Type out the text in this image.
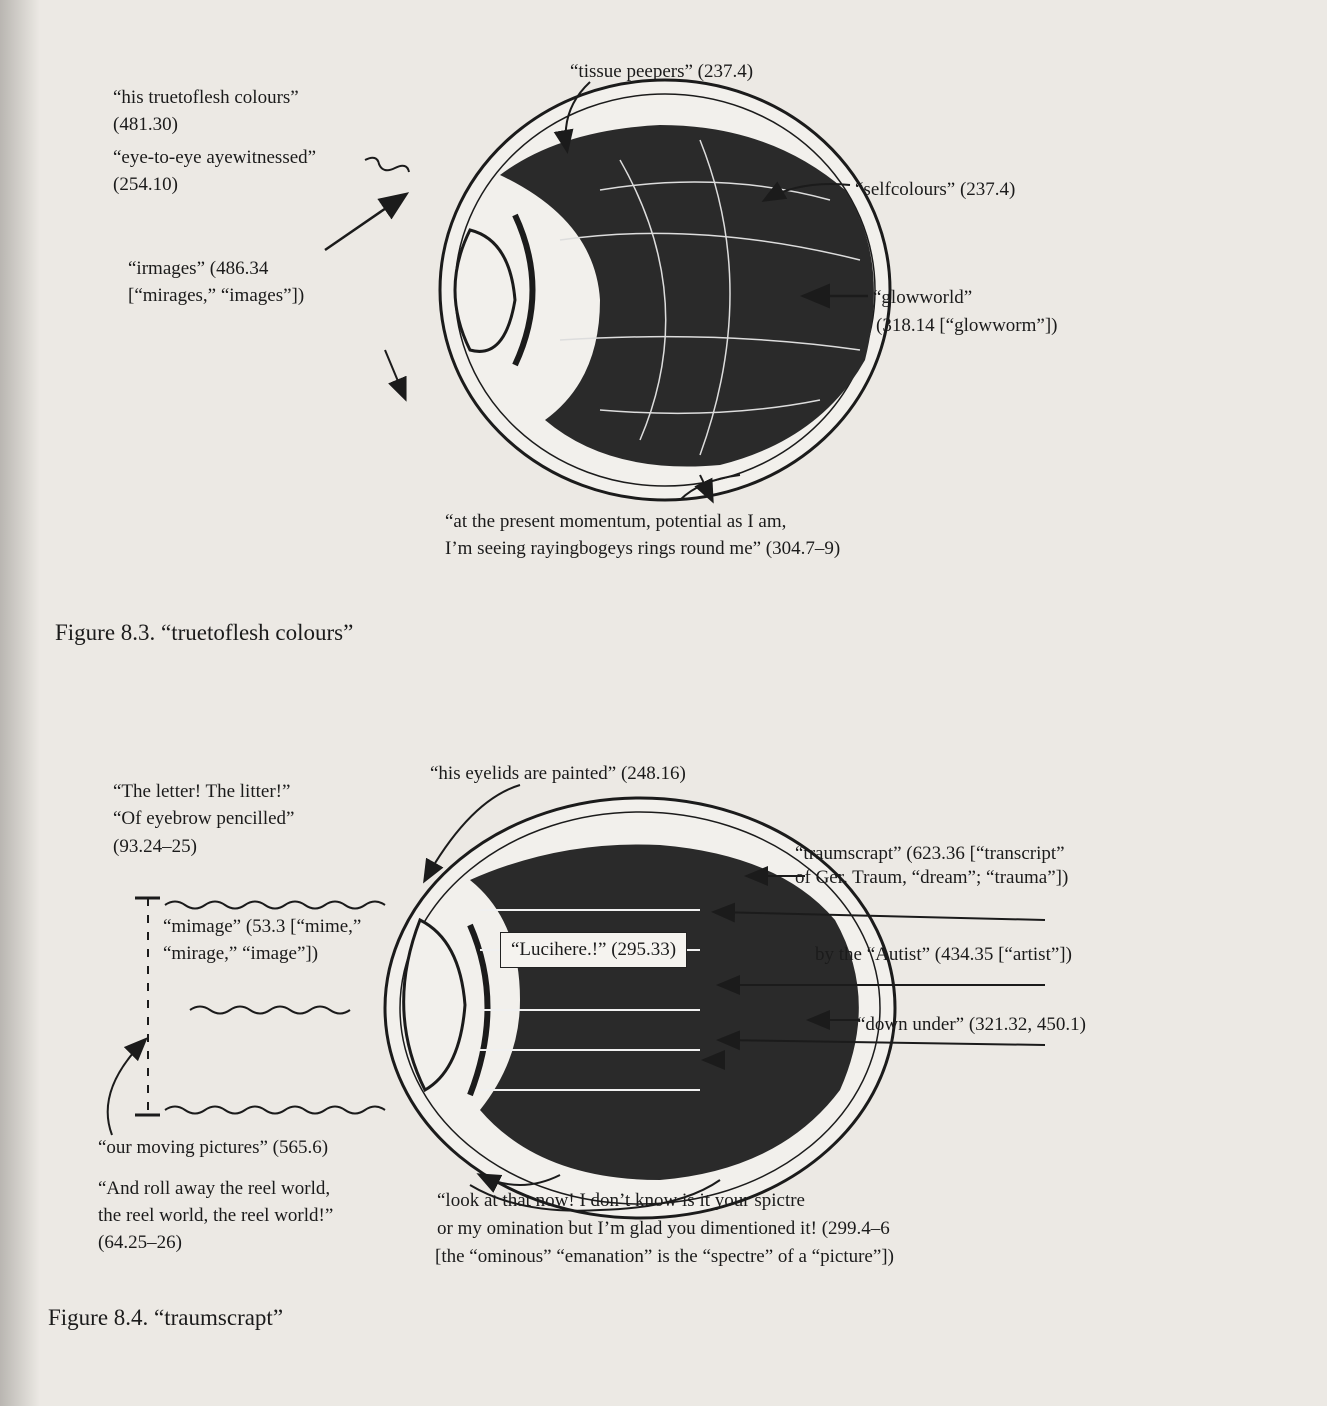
“tissue peepers” (237.4)
“his truetoflesh colours”
(481.30)
“eye-to-eye ayewitnessed”
(254.10)	“selfcolours” (237.4)
“irmages” (486.34
[“mirages,” “images”])	“glowworld”
(318.14 [“glowworm”])
“at the present momentum, potential as I am,
I’m seeing rayingbogeys rings round me” (304.7–9)
Figure 8.3. “truetoflesh colours”
“his eyelids are painted” (248.16)
“The letter! The litter!”
“Of eyebrow pencilled”
(93.24–25)	“traumscrapt” (623.36 [“transcript”
of Ger. Traum, “dream”; “trauma”])
“mimage” (53.3 [“mime,”
“mirage,” “image”])	“Lucihere.!” (295.33)	by the “Autist” (434.35 [“artist”])
“down under” (321.32, 450.1)
“our moving pictures” (565.6)
“And roll away the reel world,
the reel world, the reel world!”
(64.25–26)
“look at that now! I don’t know is it your spictre
or my omination but I’m glad you dimentioned it! (299.4–6
[the “ominous” “emanation” is the “spectre” of a “picture”])
Figure 8.4. “traumscrapt”
